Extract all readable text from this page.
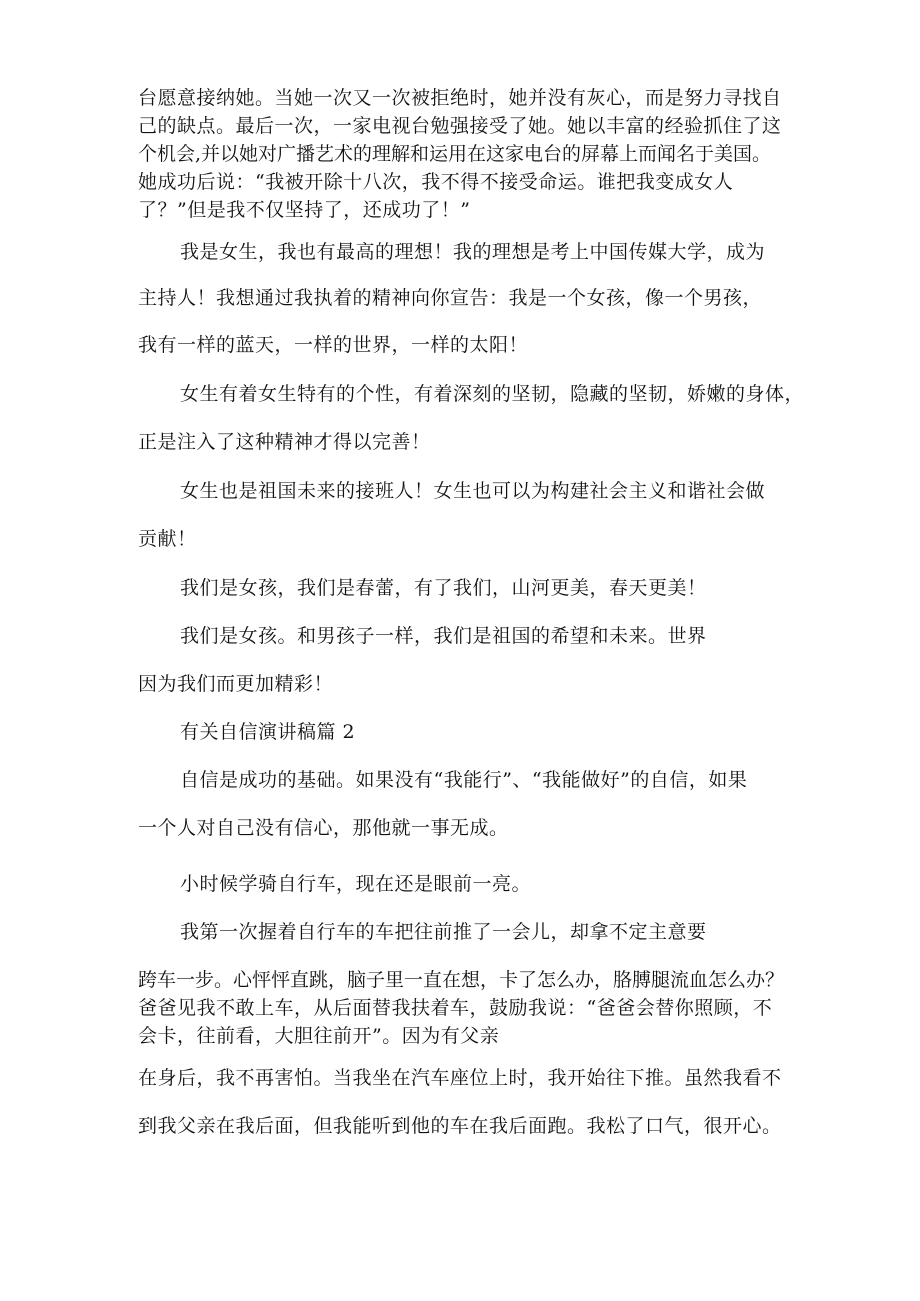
台愿意接纳她。当她一次又一次被拒绝时，她并没有灰心，而是努力寻找自
己的缺点。最后一次，一家电视台勉强接受了她。她以丰富的经验抓住了这
个机会,并以她对广播艺术的理解和运用在这家电台的屏幕上而闻名于美国。
她成功后说：“我被开除十八次，我不得不接受命运。谁把我变成女人
了？”但是我不仅坚持了，还成功了！”
我是女生，我也有最高的理想！我的理想是考上中国传媒大学，成为
主持人！我想通过我执着的精神向你宣告：我是一个女孩，像一个男孩，
我有一样的蓝天，一样的世界，一样的太阳！
女生有着女生特有的个性，有着深刻的坚韧，隐藏的坚韧，娇嫩的身体，
正是注入了这种精神才得以完善！
女生也是祖国未来的接班人！女生也可以为构建社会主义和谐社会做
贡献！
我们是女孩，我们是春蕾，有了我们，山河更美，春天更美！
我们是女孩。和男孩子一样，我们是祖国的希望和未来。世界
因为我们而更加精彩！
有关自信演讲稿篇 2
自信是成功的基础。如果没有“我能行”、“我能做好”的自信，如果
一个人对自己没有信心，那他就一事无成。
小时候学骑自行车，现在还是眼前一亮。
我第一次握着自行车的车把往前推了一会儿，却拿不定主意要
跨车一步。心怦怦直跳，脑子里一直在想，卡了怎么办，胳膊腿流血怎么办？
爸爸见我不敢上车，从后面替我扶着车，鼓励我说：“爸爸会替你照顾，不
会卡，往前看，大胆往前开”。因为有父亲
在身后，我不再害怕。当我坐在汽车座位上时，我开始往下推。虽然我看不
到我父亲在我后面，但我能听到他的车在我后面跑。我松了口气，很开心。
